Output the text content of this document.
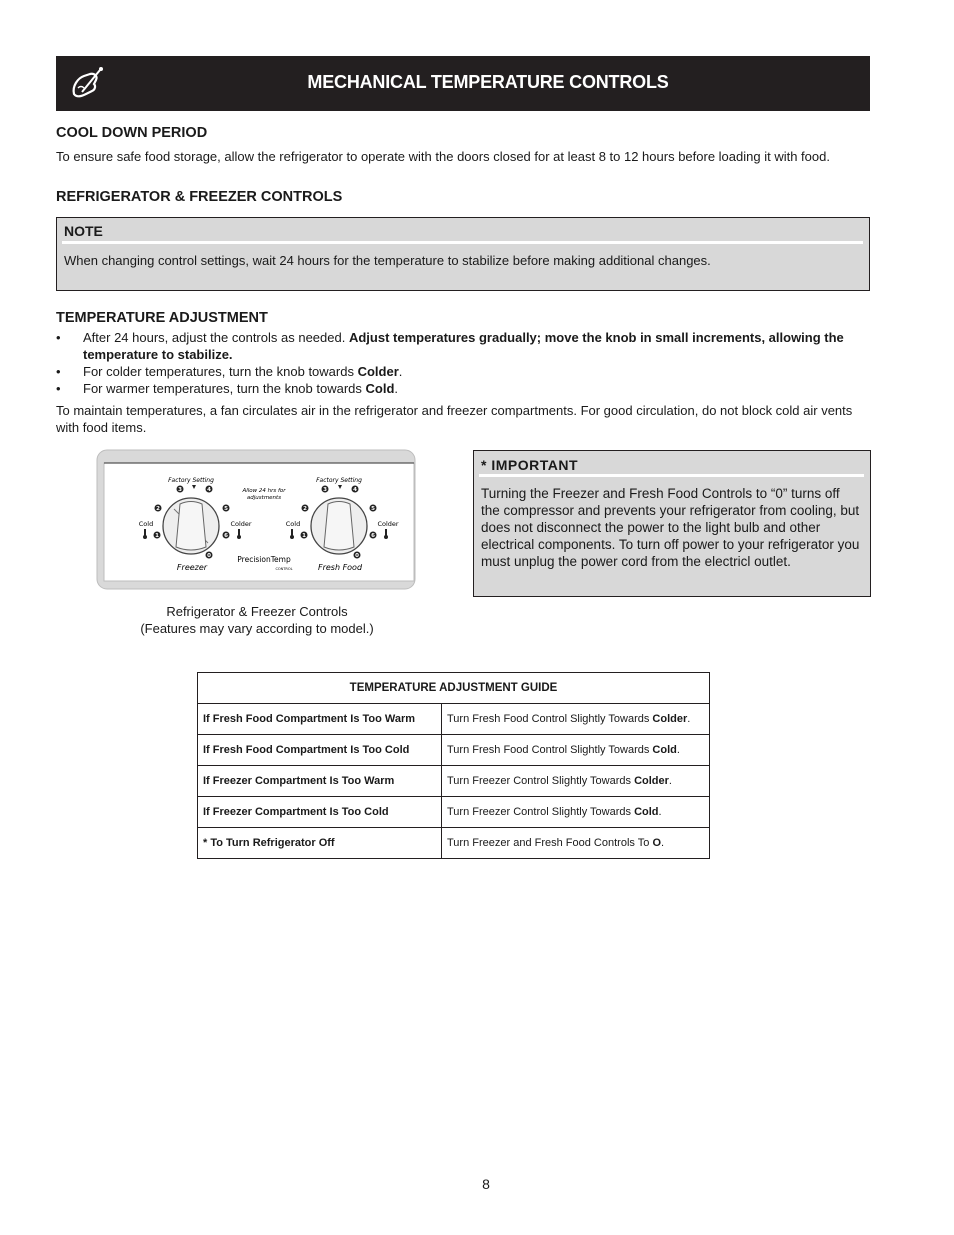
MECHANICAL TEMPERATURE CONTROLS
COOL DOWN PERIOD
To ensure safe food storage, allow the refrigerator to operate with the doors closed for at least 8 to 12 hours before loading it with food.
REFRIGERATOR & FREEZER CONTROLS
NOTE
When changing control settings, wait 24 hours for the temperature to stabilize before making additional changes.
TEMPERATURE ADJUSTMENT
• After 24 hours, adjust the controls as needed. Adjust temperatures gradually; move the knob in small increments, allowing the temperature to stabilize.
• For colder temperatures, turn the knob towards Colder.
• For warmer temperatures, turn the knob towards Cold.
To maintain temperatures, a fan circulates air in the refrigerator and freezer compartments. For good circulation, do not block cold air vents with food items.
Factory Setting	Factory Setting
Allow 24 hrs for
adjustments
Cold	Colder	Cold	Colder
1
2
3	4
5
6
0
1
2
3	4
5
6
0
PrecisionTemp
CONTROL
Freezer	Fresh Food
Refrigerator & Freezer Controls
(Features may vary according to model.)
* IMPORTANT
Turning the Freezer and Fresh Food Controls to “0” turns off the compressor and prevents your refrigerator from cooling, but does not disconnect the power to the light bulb and other electrical components. To turn off power to your refrigerator you must unplug the power cord from the electricl outlet.
TEMPERATURE ADJUSTMENT GUIDE	
If Fresh Food Compartment Is Too Warm	Turn Fresh Food Control Slightly Towards Colder.
If Fresh Food Compartment Is Too Cold	Turn Fresh Food Control Slightly Towards Cold.
If Freezer Compartment Is Too Warm	Turn Freezer Control Slightly Towards Colder.
If Freezer Compartment Is Too Cold	Turn Freezer Control Slightly Towards Cold.
* To Turn Refrigerator Off	Turn Freezer and Fresh Food Controls To O.
8
